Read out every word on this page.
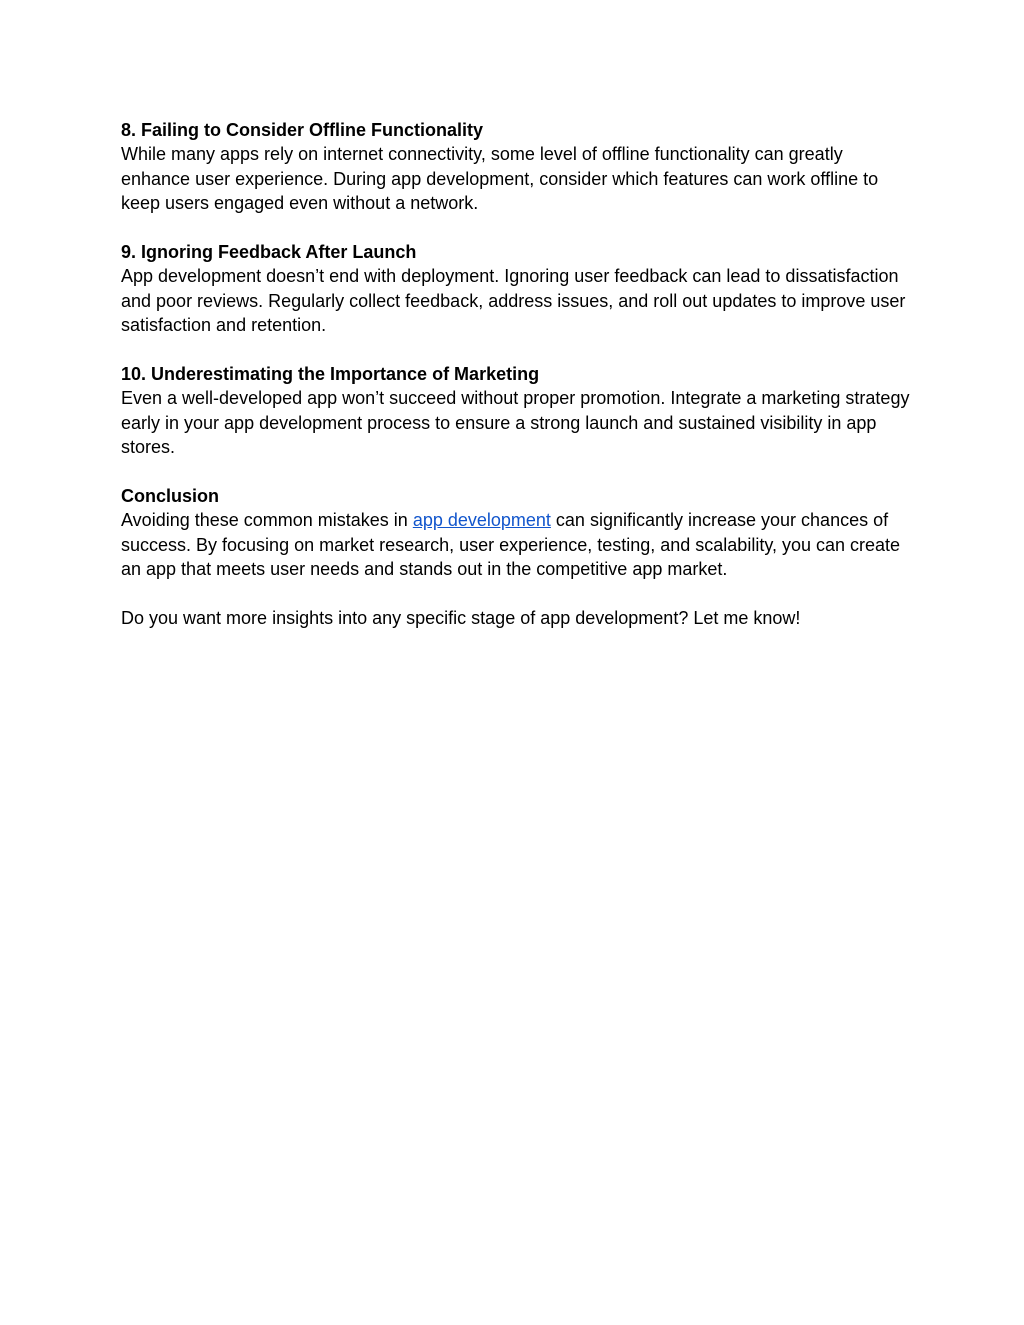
8. Failing to Consider Offline Functionality

While many apps rely on internet connectivity, some level of offline functionality can greatly enhance user experience. During app development, consider which features can work offline to keep users engaged even without a network.

9. Ignoring Feedback After Launch

App development doesn’t end with deployment. Ignoring user feedback can lead to dissatisfaction and poor reviews. Regularly collect feedback, address issues, and roll out updates to improve user satisfaction and retention.

10. Underestimating the Importance of Marketing

Even a well-developed app won’t succeed without proper promotion. Integrate a marketing strategy early in your app development process to ensure a strong launch and sustained visibility in app stores.

Conclusion

Avoiding these common mistakes in app development can significantly increase your chances of success. By focusing on market research, user experience, testing, and scalability, you can create an app that meets user needs and stands out in the competitive app market.

Do you want more insights into any specific stage of app development? Let me know!
